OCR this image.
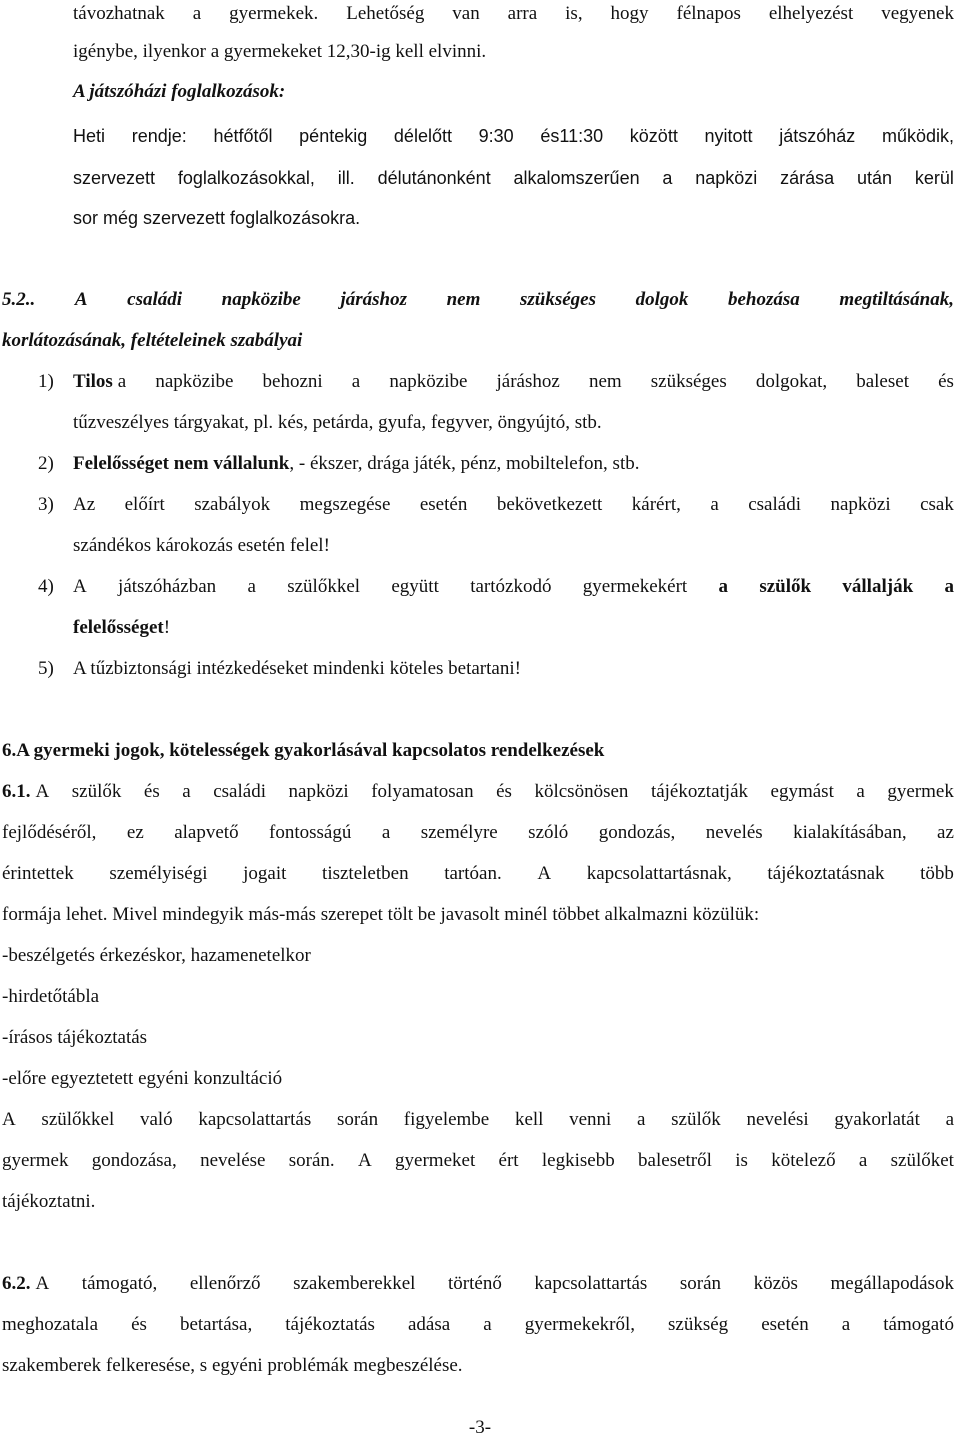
távozhatnak a gyermekek. Lehetőség van arra is, hogy félnapos elhelyezést vegyenek
igénybe, ilyenkor a gyermekeket 12,30-ig kell elvinni.
A játszóházi foglalkozások:
Heti rendje: hétfőtől péntekig délelőtt 9:30 és11:30 között nyitott játszóház működik,
szervezett foglalkozásokkal, ill. délutánonként alkalomszerűen a napközi zárása után kerül
sor még szervezett foglalkozásokra.
5.2.. A családi napközibe járáshoz nem szükséges dolgok behozása megtiltásának,
korlátozásának, feltételeinek szabályai
1)	Tilos a napközibe behozni a napközibe járáshoz nem szükséges dolgokat, baleset és
tűzveszélyes tárgyakat, pl. kés, petárda, gyufa, fegyver, öngyújtó, stb.
2)	Felelősséget nem vállalunk, - ékszer, drága játék, pénz, mobiltelefon, stb.
3)	Az előírt szabályok megszegése esetén bekövetkezett kárért, a családi napközi csak
szándékos károkozás esetén felel!
4)	A játszóházban a szülőkkel együtt tartózkodó gyermekekért a szülők vállalják a
felelősséget!
5)	A tűzbiztonsági intézkedéseket mindenki köteles betartani!
6.A gyermeki jogok, kötelességek gyakorlásával kapcsolatos rendelkezések
6.1. A szülők és a családi napközi folyamatosan és kölcsönösen tájékoztatják egymást a gyermek
fejlődéséről, ez alapvető fontosságú a személyre szóló gondozás, nevelés kialakításában, az
érintettek személyiségi jogait tiszteletben tartóan. A kapcsolattartásnak, tájékoztatásnak több
formája lehet. Mivel mindegyik más-más szerepet tölt be javasolt minél többet alkalmazni közülük:
-beszélgetés érkezéskor, hazamenetelkor
-hirdetőtábla
-írásos tájékoztatás
-előre egyeztetett egyéni konzultáció
A szülőkkel való kapcsolattartás során figyelembe kell venni a szülők nevelési gyakorlatát a
gyermek gondozása, nevelése során. A gyermeket ért legkisebb balesetről is kötelező a szülőket
tájékoztatni.
6.2. A támogató, ellenőrző szakemberekkel történő kapcsolattartás során közös megállapodások
meghozatala és betartása, tájékoztatás adása a gyermekekről, szükség esetén a támogató
szakemberek felkeresése, s egyéni problémák megbeszélése.
-3-
